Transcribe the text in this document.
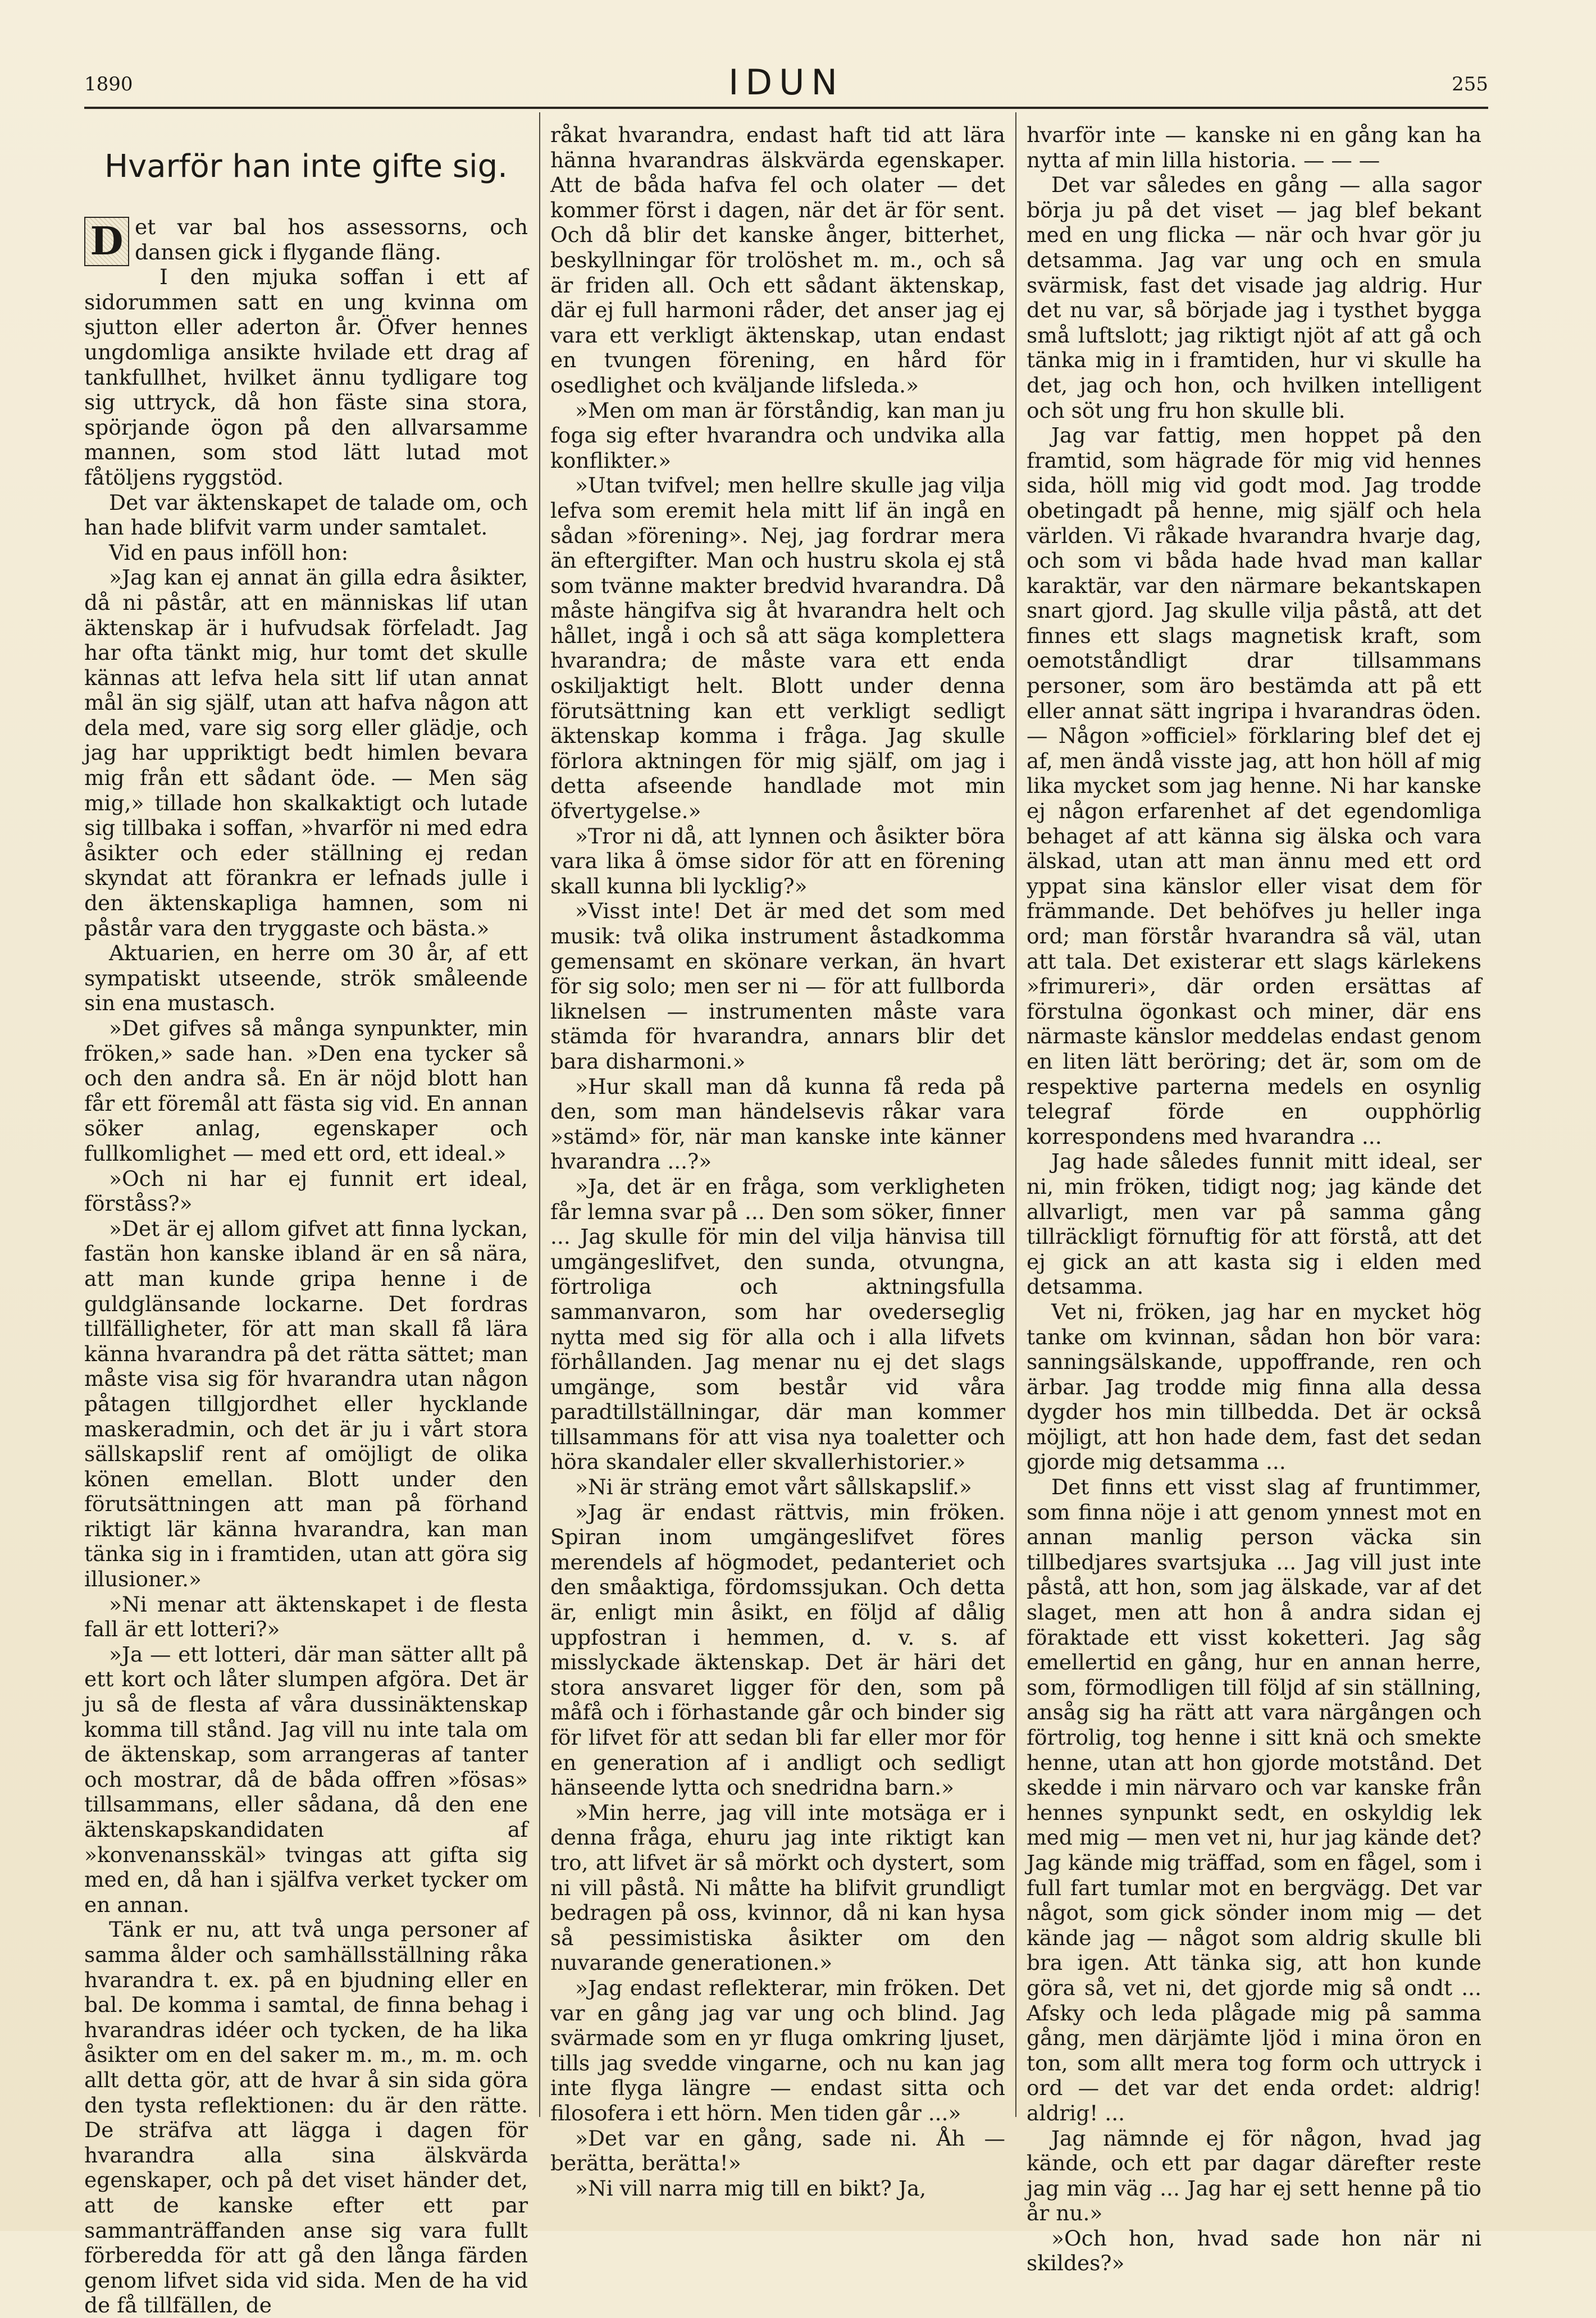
1890	IDUN	255
Hvarför han inte gifte sig.

D et var bal hos assessorns, och dansen gick i flygande fläng.

I den mjuka soffan i ett af sidorummen satt en ung kvinna om sjutton eller aderton år. Öfver hennes ungdomliga ansikte hvilade ett drag af tankfullhet, hvilket ännu tydligare tog sig uttryck, då hon fäste sina stora, spörjande ögon på den allvarsamme mannen, som stod lätt lutad mot fåtöljens ryggstöd.

Det var äktenskapet de talade om, och han hade blifvit varm under samtalet.

Vid en paus inföll hon:

»Jag kan ej annat än gilla edra åsikter, då ni påstår, att en människas lif utan äktenskap är i hufvudsak förfeladt. Jag har ofta tänkt mig, hur tomt det skulle kännas att lefva hela sitt lif utan annat mål än sig själf, utan att hafva någon att dela med, vare sig sorg eller glädje, och jag har uppriktigt bedt himlen bevara mig från ett sådant öde. — Men säg mig,» tillade hon skalkaktigt och lutade sig tillbaka i soffan, »hvarför ni med edra åsikter och eder ställning ej redan skyndat att förankra er lefnads julle i den äktenskapliga hamnen, som ni påstår vara den tryggaste och bästa.»

Aktuarien, en herre om 30 år, af ett sympatiskt utseende, strök småleende sin ena mustasch.

»Det gifves så många synpunkter, min fröken,» sade han. »Den ena tycker så och den andra så. En är nöjd blott han får ett föremål att fästa sig vid. En annan söker anlag, egenskaper och fullkomlighet — med ett ord, ett ideal.»

»Och ni har ej funnit ert ideal, förståss?»

»Det är ej allom gifvet att finna lyckan, fastän hon kanske ibland är en så nära, att man kunde gripa henne i de guldglänsande lockarne. Det fordras tillfälligheter, för att man skall få lära känna hvarandra på det rätta sättet; man måste visa sig för hvarandra utan någon påtagen tillgjordhet eller hycklande maskeradmin, och det är ju i vårt stora sällskapslif rent af omöjligt de olika könen emellan. Blott under den förutsättningen att man på förhand riktigt lär känna hvarandra, kan man tänka sig in i framtiden, utan att göra sig illusioner.»

»Ni menar att äktenskapet i de flesta fall är ett lotteri?»

»Ja — ett lotteri, där man sätter allt på ett kort och låter slumpen afgöra. Det är ju så de flesta af våra dussinäktenskap komma till stånd. Jag vill nu inte tala om de äktenskap, som arrangeras af tanter och mostrar, då de båda offren »fösas» tillsammans, eller sådana, då den ene äktenskapskandidaten af »konvenansskäl» tvingas att gifta sig med en, då han i själfva verket tycker om en annan.

Tänk er nu, att två unga personer af samma ålder och samhällsställning råka hvarandra t. ex. på en bjudning eller en bal. De komma i samtal, de finna behag i hvarandras idéer och tycken, de ha lika åsikter om en del saker m. m., m. m. och allt detta gör, att de hvar å sin sida göra den tysta reflektionen: du är den rätte. De sträfva att lägga i dagen för hvarandra alla sina älskvärda egenskaper, och på det viset händer det, att de kanske efter ett par sammanträffanden anse sig vara fullt förberedda för att gå den långa färden genom lifvet sida vid sida. Men de ha vid de få tillfällen, de

råkat hvarandra, endast haft tid att lära hänna hvarandras älskvärda egenskaper. Att de båda hafva fel och olater — det kommer först i dagen, när det är för sent. Och då blir det kanske ånger, bitterhet, beskyllningar för trolöshet m. m., och så är friden all. Och ett sådant äktenskap, där ej full harmoni råder, det anser jag ej vara ett verkligt äktenskap, utan endast en tvungen förening, en hård för osedlighet och kväljande lifsleda.»

»Men om man är förståndig, kan man ju foga sig efter hvarandra och undvika alla konflikter.»

»Utan tvifvel; men hellre skulle jag vilja lefva som eremit hela mitt lif än ingå en sådan »förening». Nej, jag fordrar mera än eftergifter. Man och hustru skola ej stå som tvänne makter bredvid hvarandra. Då måste hängifva sig åt hvarandra helt och hållet, ingå i och så att säga komplettera hvarandra; de måste vara ett enda oskiljaktigt helt. Blott under denna förutsättning kan ett verkligt sedligt äktenskap komma i fråga. Jag skulle förlora aktningen för mig själf, om jag i detta afseende handlade mot min öfvertygelse.»

»Tror ni då, att lynnen och åsikter böra vara lika å ömse sidor för att en förening skall kunna bli lycklig?»

»Visst inte! Det är med det som med musik: två olika instrument åstadkomma gemensamt en skönare verkan, än hvart för sig solo; men ser ni — för att fullborda liknelsen — instrumenten måste vara stämda för hvarandra, annars blir det bara disharmoni.»

»Hur skall man då kunna få reda på den, som man händelsevis råkar vara »stämd» för, när man kanske inte känner hvarandra ...?»

»Ja, det är en fråga, som verkligheten får lemna svar på ... Den som söker, finner ... Jag skulle för min del vilja hänvisa till umgängeslifvet, den sunda, otvungna, förtroliga och aktningsfulla sammanvaron, som har ovederseglig nytta med sig för alla och i alla lifvets förhållanden. Jag menar nu ej det slags umgänge, som består vid våra paradtillställningar, där man kommer tillsammans för att visa nya toaletter och höra skandaler eller skvallerhistorier.»

»Ni är sträng emot vårt sållskapslif.»

»Jag är endast rättvis, min fröken. Spiran inom umgängeslifvet föres merendels af högmodet, pedanteriet och den småaktiga, fördomssjukan. Och detta är, enligt min åsikt, en följd af dålig uppfostran i hemmen, d. v. s. af misslyckade äktenskap. Det är häri det stora ansvaret ligger för den, som på måfå och i förhastande går och binder sig för lifvet för att sedan bli far eller mor för en generation af i andligt och sedligt hänseende lytta och snedridna barn.»

»Min herre, jag vill inte motsäga er i denna fråga, ehuru jag inte riktigt kan tro, att lifvet är så mörkt och dystert, som ni vill påstå. Ni måtte ha blifvit grundligt bedragen på oss, kvinnor, då ni kan hysa så pessimistiska åsikter om den nuvarande generationen.»

»Jag endast reflekterar, min fröken. Det var en gång jag var ung och blind. Jag svärmade som en yr fluga omkring ljuset, tills jag svedde vingarne, och nu kan jag inte flyga längre — endast sitta och filosofera i ett hörn. Men tiden går ...»

»Det var en gång, sade ni. Åh — berätta, berätta!»

»Ni vill narra mig till en bikt? Ja,

hvarför inte — kanske ni en gång kan ha nytta af min lilla historia. — — —

Det var således en gång — alla sagor börja ju på det viset — jag blef bekant med en ung flicka — när och hvar gör ju detsamma. Jag var ung och en smula svärmisk, fast det visade jag aldrig. Hur det nu var, så började jag i tysthet bygga små luftslott; jag riktigt njöt af att gå och tänka mig in i framtiden, hur vi skulle ha det, jag och hon, och hvilken intelligent och söt ung fru hon skulle bli.

Jag var fattig, men hoppet på den framtid, som hägrade för mig vid hennes sida, höll mig vid godt mod. Jag trodde obetingadt på henne, mig själf och hela världen. Vi råkade hvarandra hvarje dag, och som vi båda hade hvad man kallar karaktär, var den närmare bekantskapen snart gjord. Jag skulle vilja påstå, att det finnes ett slags magnetisk kraft, som oemotståndligt drar tillsammans personer, som äro bestämda att på ett eller annat sätt ingripa i hvarandras öden. — Någon »officiel» förklaring blef det ej af, men ändå visste jag, att hon höll af mig lika mycket som jag henne. Ni har kanske ej någon erfarenhet af det egendomliga behaget af att känna sig älska och vara älskad, utan att man ännu med ett ord yppat sina känslor eller visat dem för främmande. Det behöfves ju heller inga ord; man förstår hvarandra så väl, utan att tala. Det existerar ett slags kärlekens »frimureri», där orden ersättas af förstulna ögonkast och miner, där ens närmaste känslor meddelas endast genom en liten lätt beröring; det är, som om de respektive parterna medels en osynlig telegraf förde en oupphörlig korrespondens med hvarandra ...

Jag hade således funnit mitt ideal, ser ni, min fröken, tidigt nog; jag kände det allvarligt, men var på samma gång tillräckligt förnuftig för att förstå, att det ej gick an att kasta sig i elden med detsamma.

Vet ni, fröken, jag har en mycket hög tanke om kvinnan, sådan hon bör vara: sanningsälskande, uppoffrande, ren och ärbar. Jag trodde mig finna alla dessa dygder hos min tillbedda. Det är också möjligt, att hon hade dem, fast det sedan gjorde mig detsamma ...

Det finns ett visst slag af fruntimmer, som finna nöje i att genom ynnest mot en annan manlig person väcka sin tillbedjares svartsjuka ... Jag vill just inte påstå, att hon, som jag älskade, var af det slaget, men att hon å andra sidan ej föraktade ett visst koketteri. Jag såg emellertid en gång, hur en annan herre, som, förmodligen till följd af sin ställning, ansåg sig ha rätt att vara närgången och förtrolig, tog henne i sitt knä och smekte henne, utan att hon gjorde motstånd. Det skedde i min närvaro och var kanske från hennes synpunkt sedt, en oskyldig lek med mig — men vet ni, hur jag kände det? Jag kände mig träffad, som en fågel, som i full fart tumlar mot en bergvägg. Det var något, som gick sönder inom mig — det kände jag — något som aldrig skulle bli bra igen. Att tänka sig, att hon kunde göra så, vet ni, det gjorde mig så ondt ... Afsky och leda plågade mig på samma gång, men därjämte ljöd i mina öron en ton, som allt mera tog form och uttryck i ord — det var det enda ordet: aldrig! aldrig! ...

Jag nämnde ej för någon, hvad jag kände, och ett par dagar därefter reste jag min väg ... Jag har ej sett henne på tio år nu.»

»Och hon, hvad sade hon när ni skildes?»
